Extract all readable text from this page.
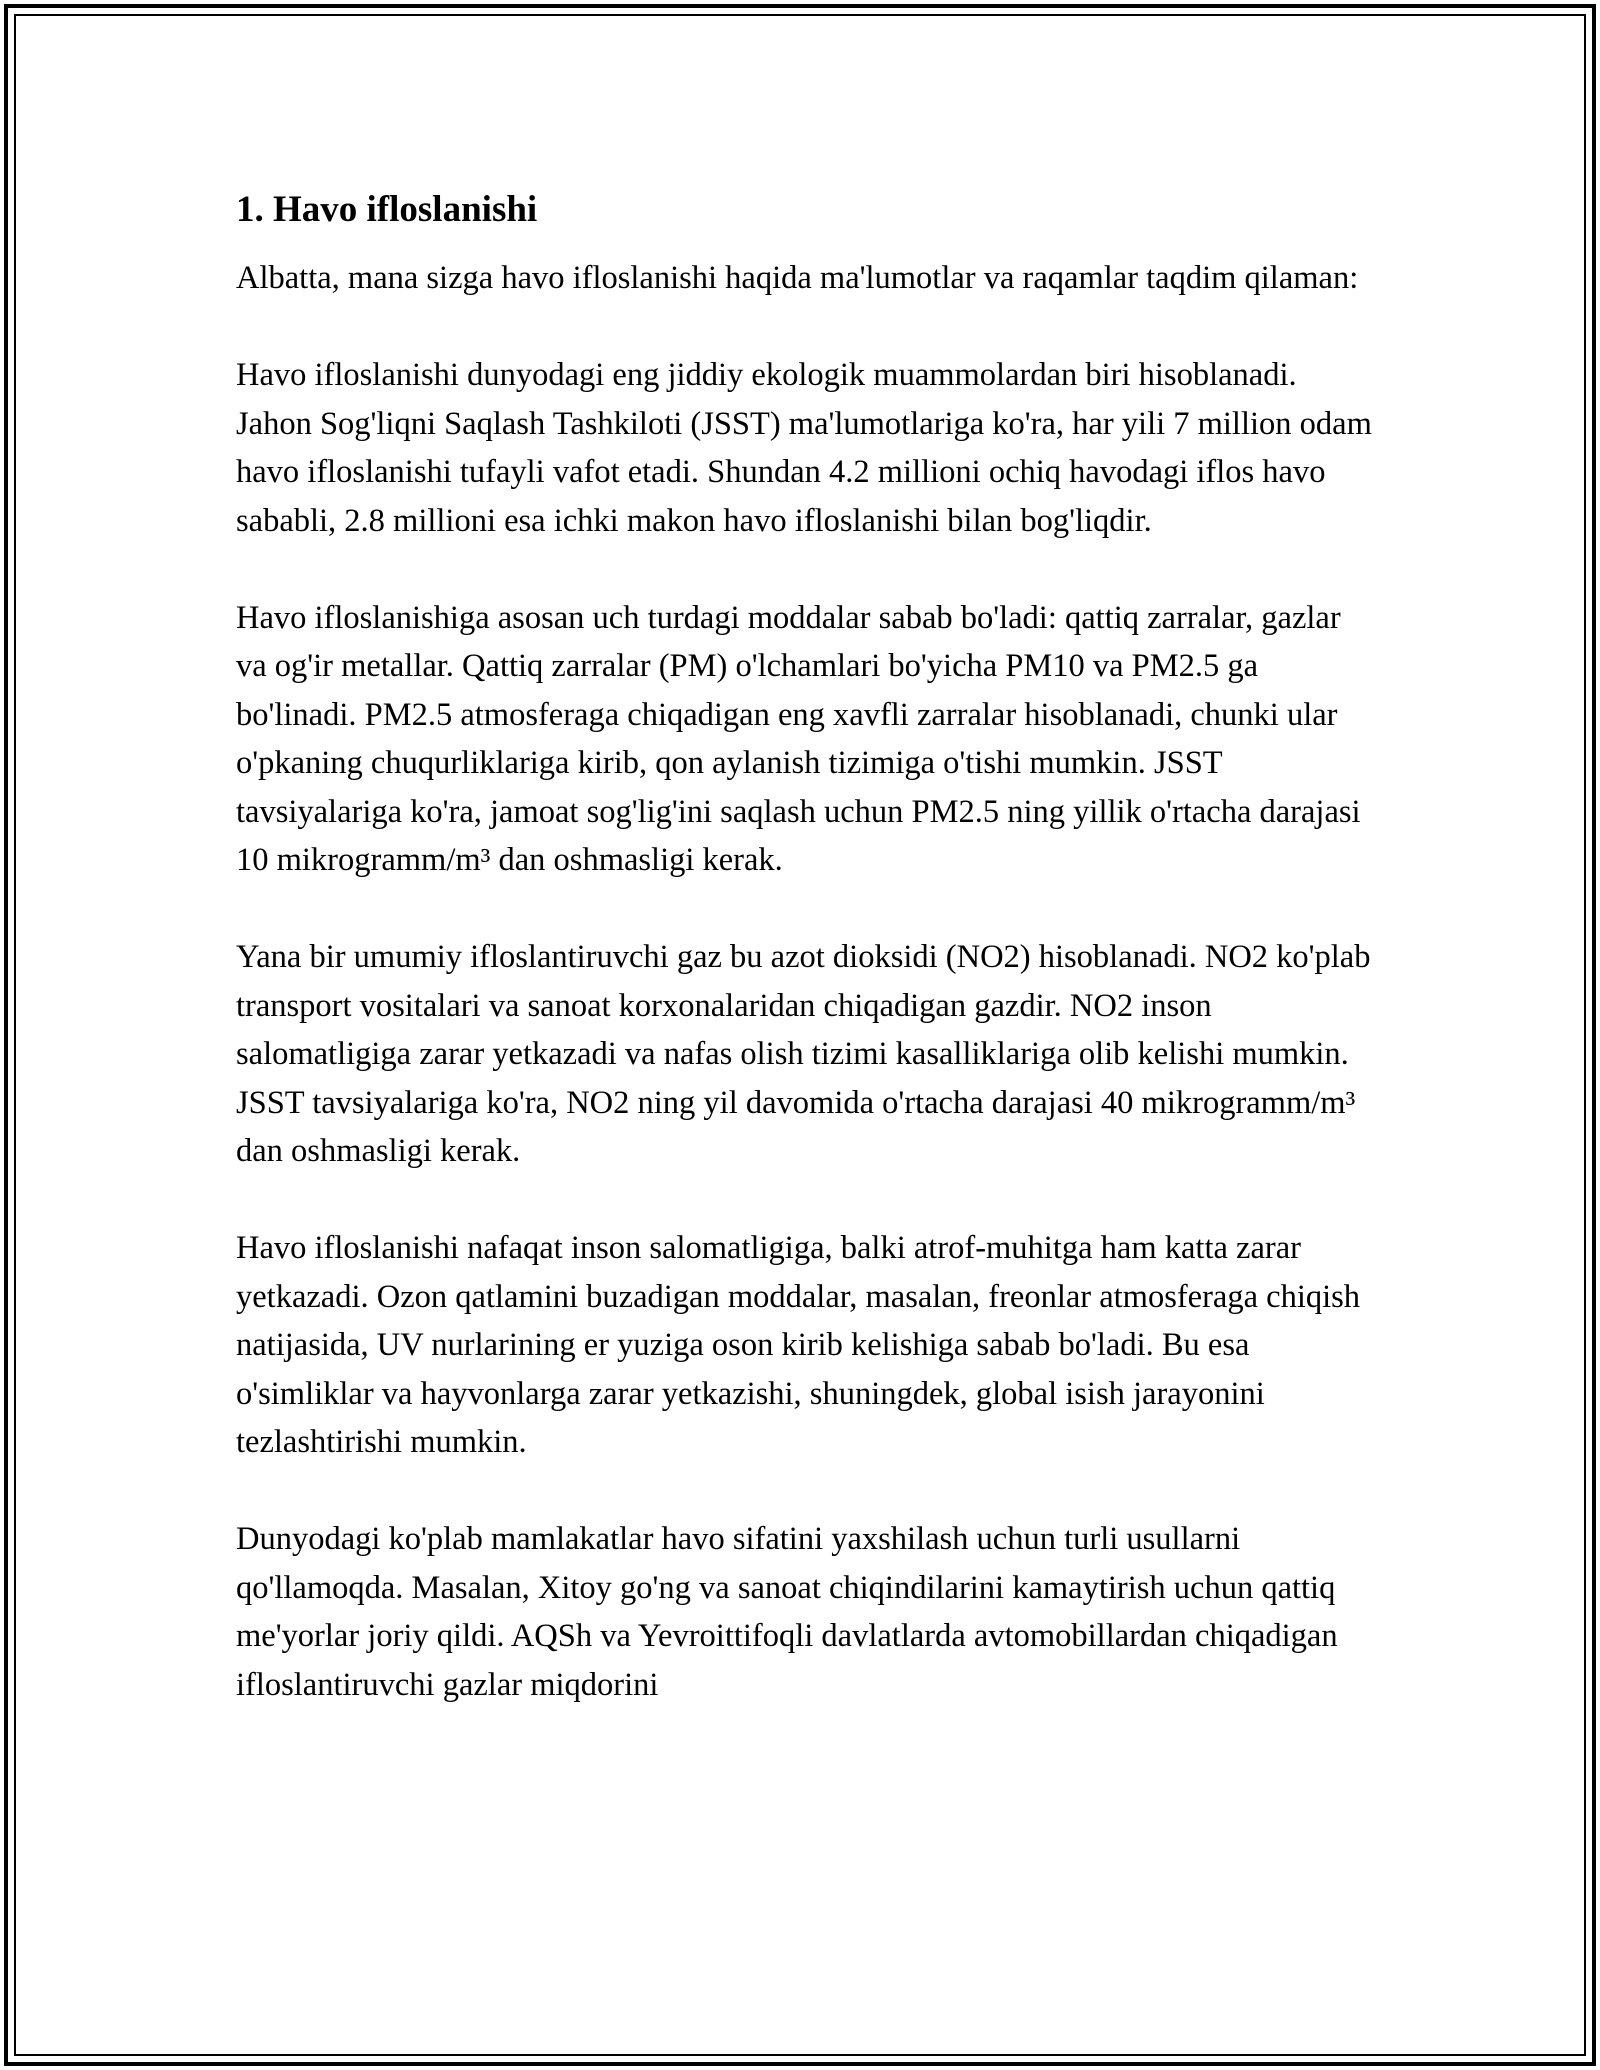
1. Havo ifloslanishi

Albatta, mana sizga havo ifloslanishi haqida ma'lumotlar va raqamlar taqdim qilaman:

Havo ifloslanishi dunyodagi eng jiddiy ekologik muammolardan biri hisoblanadi. Jahon Sog'liqni Saqlash Tashkiloti (JSST) ma'lumotlariga ko'ra, har yili 7 million odam havo ifloslanishi tufayli vafot etadi. Shundan 4.2 millioni ochiq havodagi iflos havo sababli, 2.8 millioni esa ichki makon havo ifloslanishi bilan bog'liqdir.

Havo ifloslanishiga asosan uch turdagi moddalar sabab bo'ladi: qattiq zarralar, gazlar va og'ir metallar. Qattiq zarralar (PM) o'lchamlari bo'yicha PM10 va PM2.5 ga bo'linadi. PM2.5 atmosferaga chiqadigan eng xavfli zarralar hisoblanadi, chunki ular o'pkaning chuqurliklariga kirib, qon aylanish tizimiga o'tishi mumkin. JSST tavsiyalariga ko'ra, jamoat sog'lig'ini saqlash uchun PM2.5 ning yillik o'rtacha darajasi 10 mikrogramm/m³ dan oshmasligi kerak.

Yana bir umumiy ifloslantiruvchi gaz bu azot dioksidi (NO2) hisoblanadi. NO2 ko'plab transport vositalari va sanoat korxonalaridan chiqadigan gazdir. NO2 inson salomatligiga zarar yetkazadi va nafas olish tizimi kasalliklariga olib kelishi mumkin. JSST tavsiyalariga ko'ra, NO2 ning yil davomida o'rtacha darajasi 40 mikrogramm/m³ dan oshmasligi kerak.

Havo ifloslanishi nafaqat inson salomatligiga, balki atrof-muhitga ham katta zarar yetkazadi. Ozon qatlamini buzadigan moddalar, masalan, freonlar atmosferaga chiqish natijasida, UV nurlarining er yuziga oson kirib kelishiga sabab bo'ladi. Bu esa o'simliklar va hayvonlarga zarar yetkazishi, shuningdek, global isish jarayonini tezlashtirishi mumkin.

Dunyodagi ko'plab mamlakatlar havo sifatini yaxshilash uchun turli usullarni qo'llamoqda. Masalan, Xitoy go'ng va sanoat chiqindilarini kamaytirish uchun qattiq me'yorlar joriy qildi. AQSh va Yevroittifoqli davlatlarda avtomobillardan chiqadigan ifloslantiruvchi gazlar miqdorini
